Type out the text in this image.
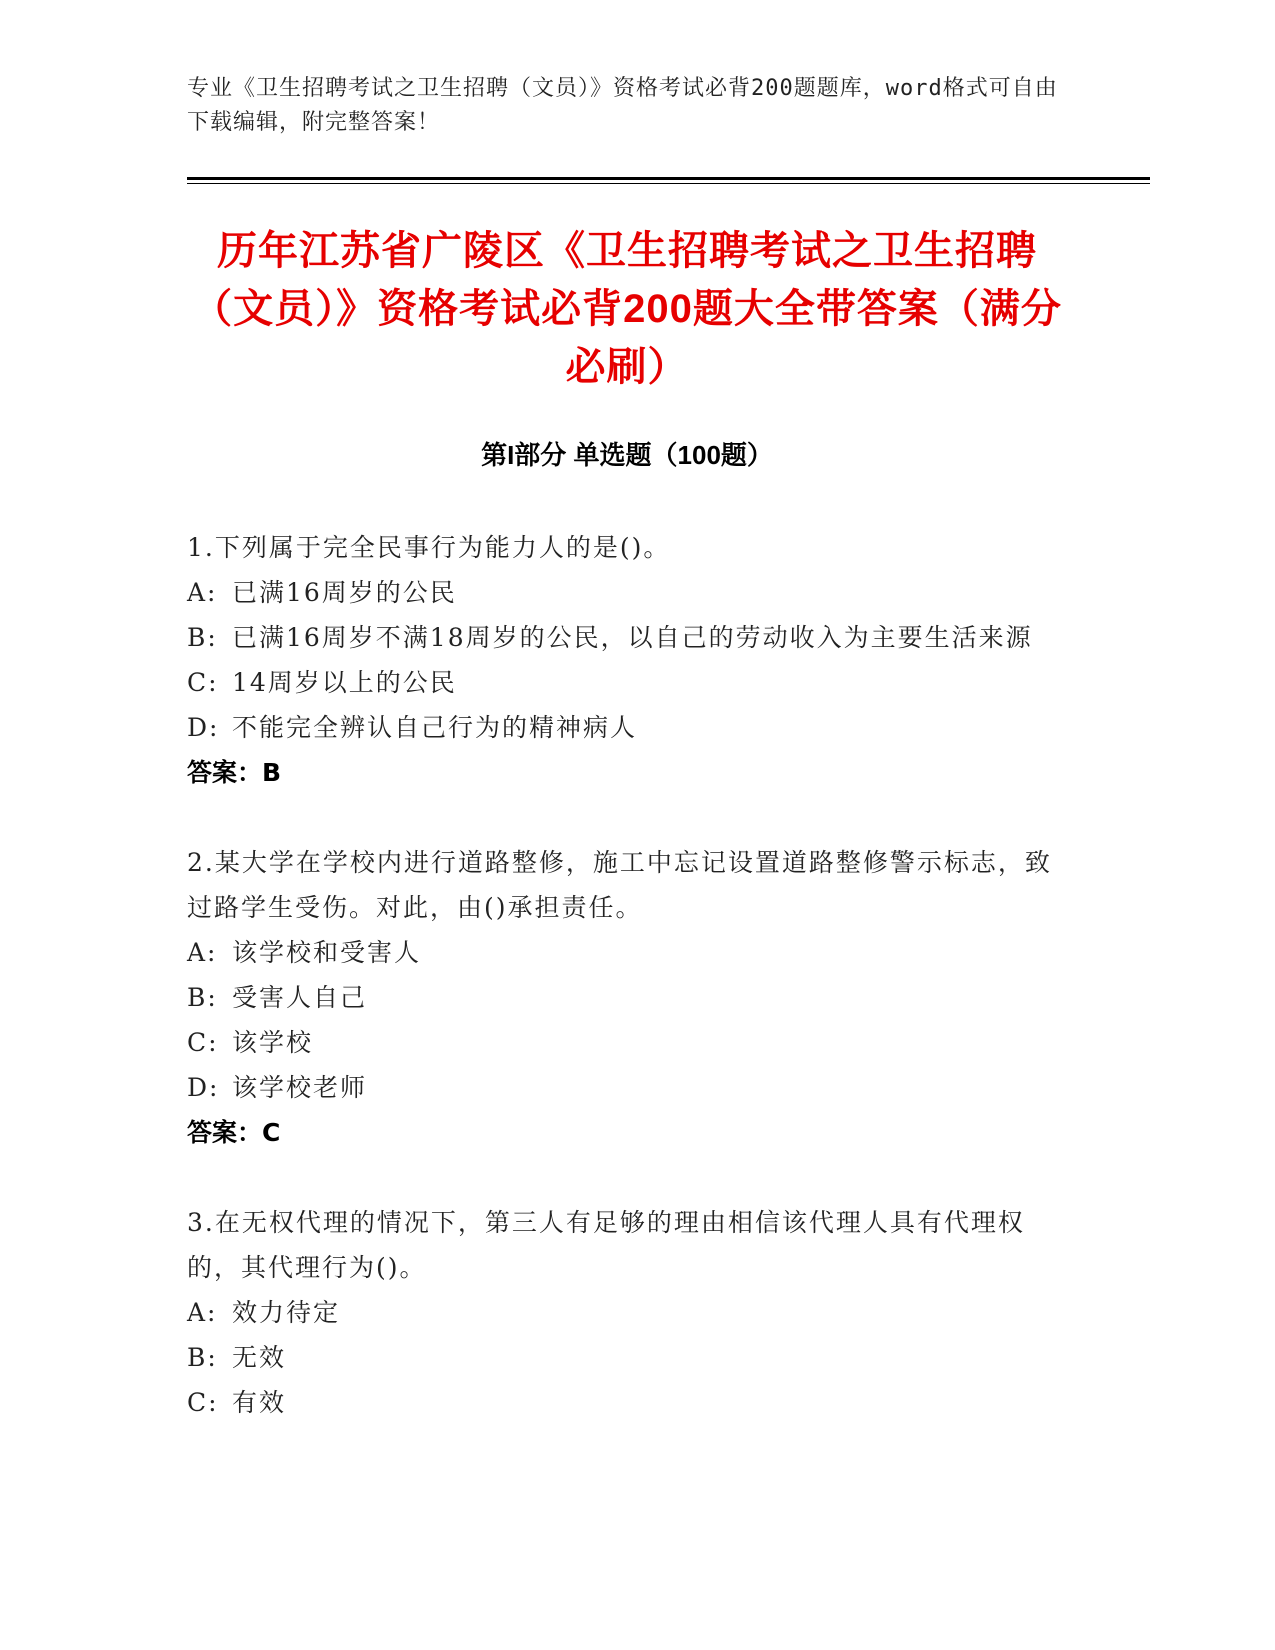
专业《卫生招聘考试之卫生招聘（文员）》资格考试必背200题题库，word格式可自由下载编辑，附完整答案！
历年江苏省广陵区《卫生招聘考试之卫生招聘（文员）》资格考试必背200题大全带答案（满分必刷）
第I部分 单选题（100题）
1.下列属于完全民事行为能力人的是()。
A: 已满16周岁的公民
B: 已满16周岁不满18周岁的公民，以自己的劳动收入为主要生活来源
C: 14周岁以上的公民
D: 不能完全辨认自己行为的精神病人
答案：B
2.某大学在学校内进行道路整修，施工中忘记设置道路整修警示标志，致过路学生受伤。对此，由()承担责任。
A: 该学校和受害人
B: 受害人自己
C: 该学校
D: 该学校老师
答案：C
3.在无权代理的情况下，第三人有足够的理由相信该代理人具有代理权的，其代理行为()。
A: 效力待定
B: 无效
C: 有效
